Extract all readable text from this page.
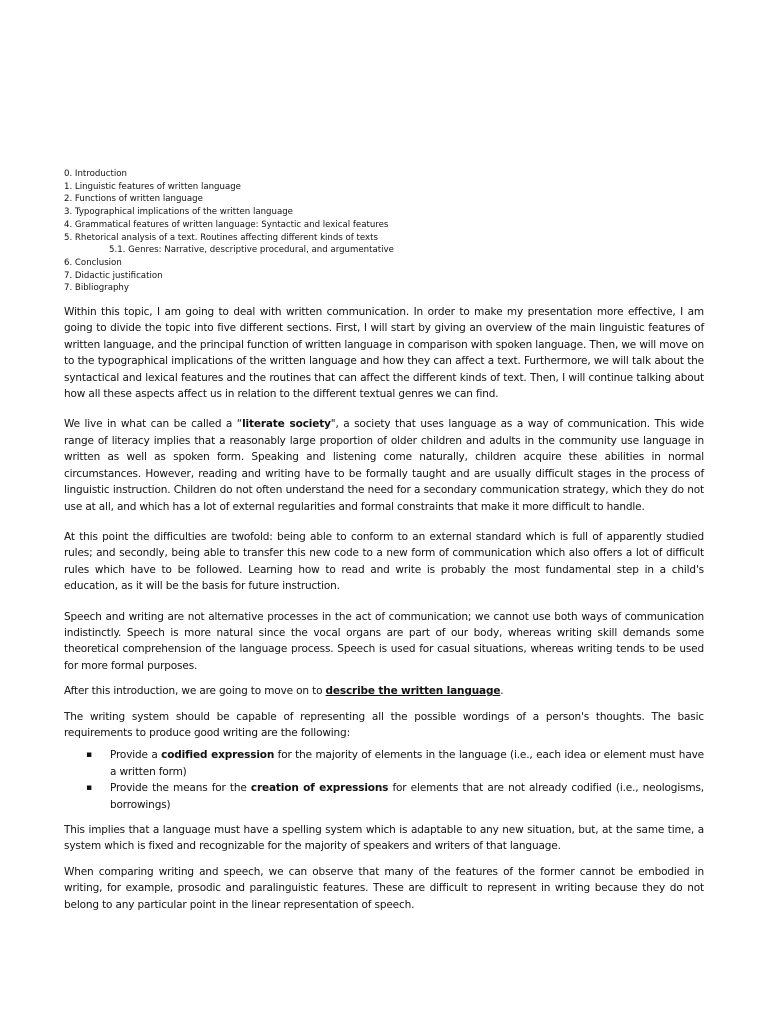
0. Introduction
1. Linguistic features of written language
2. Functions of written language
3. Typographical implications of the written language
4. Grammatical features of written language: Syntactic and lexical features
5. Rhetorical analysis of a text. Routines affecting different kinds of texts
5.1. Genres: Narrative, descriptive procedural, and argumentative
6. Conclusion
7. Didactic justification
7. Bibliography

Within this topic, I am going to deal with written communication. In order to make my presentation more effective, I am going to divide the topic into five different sections. First, I will start by giving an overview of the main linguistic features of written language, and the principal function of written language in comparison with spoken language. Then, we will move on to the typographical implications of the written language and how they can affect a text. Furthermore, we will talk about the syntactical and lexical features and the routines that can affect the different kinds of text. Then, I will continue talking about how all these aspects affect us in relation to the different textual genres we can find.

We live in what can be called a “literate society", a society that uses language as a way of communication. This wide range of literacy implies that a reasonably large proportion of older children and adults in the community use language in written as well as spoken form. Speaking and listening come naturally, children acquire these abilities in normal circumstances. However, reading and writing have to be formally taught and are usually difficult stages in the process of linguistic instruction. Children do not often understand the need for a secondary communication strategy, which they do not use at all, and which has a lot of external regularities and formal constraints that make it more difficult to handle.

At this point the difficulties are twofold: being able to conform to an external standard which is full of apparently studied rules; and secondly, being able to transfer this new code to a new form of communication which also offers a lot of difficult rules which have to be followed. Learning how to read and write is probably the most fundamental step in a child's education, as it will be the basis for future instruction.

Speech and writing are not alternative processes in the act of communication; we cannot use both ways of communication indistinctly. Speech is more natural since the vocal organs are part of our body, whereas writing skill demands some theoretical comprehension of the language process. Speech is used for casual situations, whereas writing tends to be used for more formal purposes.

After this introduction, we are going to move on to describe the written language.

The writing system should be capable of representing all the possible wordings of a person's thoughts. The basic requirements to produce good writing are the following:

▪ Provide a codified expression for the majority of elements in the language (i.e., each idea or element must have a written form)
▪ Provide the means for the creation of expressions for elements that are not already codified (i.e., neologisms, borrowings)

This implies that a language must have a spelling system which is adaptable to any new situation, but, at the same time, a system which is fixed and recognizable for the majority of speakers and writers of that language.

When comparing writing and speech, we can observe that many of the features of the former cannot be embodied in writing, for example, prosodic and paralinguistic features. These are difficult to represent in writing because they do not belong to any particular point in the linear representation of speech.
